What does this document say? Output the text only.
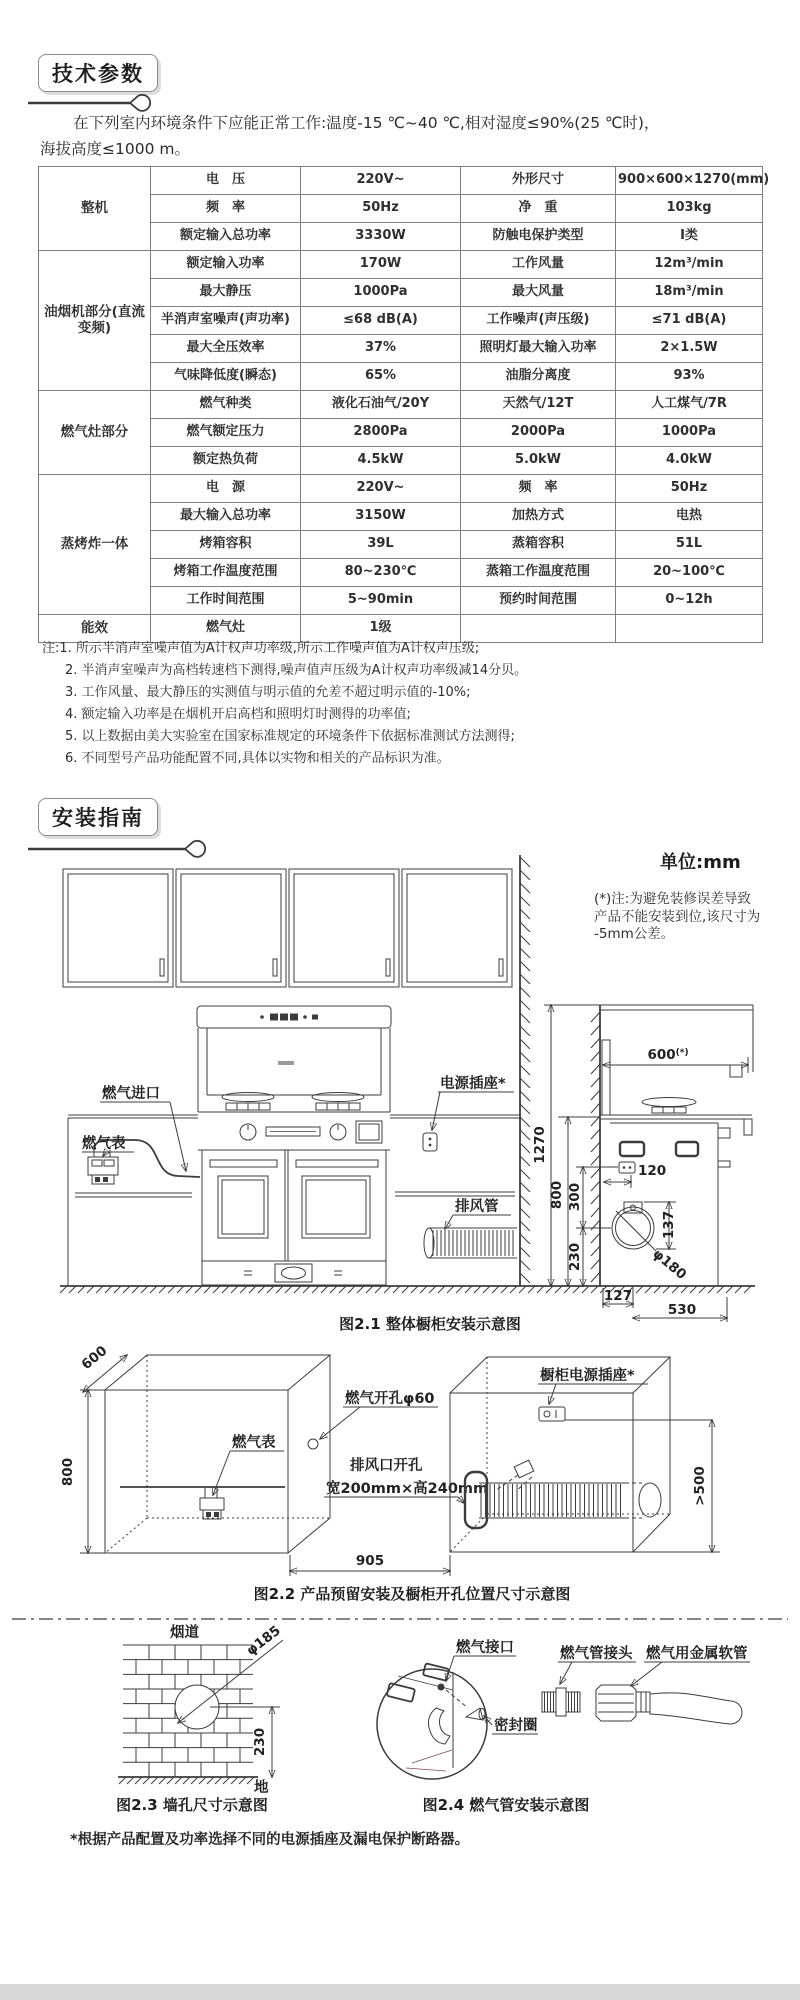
技术参数
在下列室内环境条件下应能正常工作:温度-15 ℃~40 ℃,相对湿度≤90%(25 ℃时)，
海拔高度≤1000 m。
整机	电　压	220V~	外形尺寸	900×600×1270(mm)
	频　率	50Hz	净　重	103kg
	额定输入总功率	3330W	防触电保护类型	I类
油烟机部分(直流变频)	额定输入功率	170W	工作风量	12m³/min
	最大静压	1000Pa	最大风量	18m³/min
	半消声室噪声(声功率)	≤68 dB(A)	工作噪声(声压级)	≤71 dB(A)
	最大全压效率	37%	照明灯最大输入功率	2×1.5W
	气味降低度(瞬态)	65%	油脂分离度	93%
燃气灶部分	燃气种类	液化石油气/20Y	天然气/12T	人工煤气/7R
	燃气额定压力	2800Pa	2000Pa	1000Pa
	额定热负荷	4.5kW	5.0kW	4.0kW
蒸烤炸一体	电　源	220V~	频　率	50Hz
	最大输入总功率	3150W	加热方式	电热
	烤箱容积	39L	蒸箱容积	51L
	烤箱工作温度范围	80~230℃	蒸箱工作温度范围	20~100℃
	工作时间范围	5~90min	预约时间范围	0~12h
能效	燃气灶	1级		
注:1. 所示半消声室噪声值为A计权声功率级,所示工作噪声值为A计权声压级;
2. 半消声室噪声为高档转速档下测得,噪声值声压级为A计权声功率级减14分贝。
3. 工作风量、最大静压的实测值与明示值的允差不超过明示值的-10%;
4. 额定输入功率是在烟机开启高档和照明灯时测得的功率值;
5. 以上数据由美大实验室在国家标准规定的环境条件下依据标准测试方法测得;
6. 不同型号产品功能配置不同,具体以实物和相关的产品标识为准。
安装指南
单位:mm
(*)注:为避免装修误差导致
产品不能安装到位,该尺寸为
-5mm公差。
燃气进口
燃气表
电源插座*
排风管
600(*)
1270
800 300
230
120
137
φ180
127
530
图2.1 整体橱柜安装示意图
600
800
905
燃气表
燃气开孔φ60
排风口开孔
宽200mm×高240mm
橱柜电源插座*
>500
图2.2 产品预留安装及橱柜开孔位置尺寸示意图
烟道	φ185
230
地
燃气接口
密封圈
燃气管接头 燃气用金属软管
图2.3 墙孔尺寸示意图	图2.4 燃气管安装示意图
*根据产品配置及功率选择不同的电源插座及漏电保护断路器。
